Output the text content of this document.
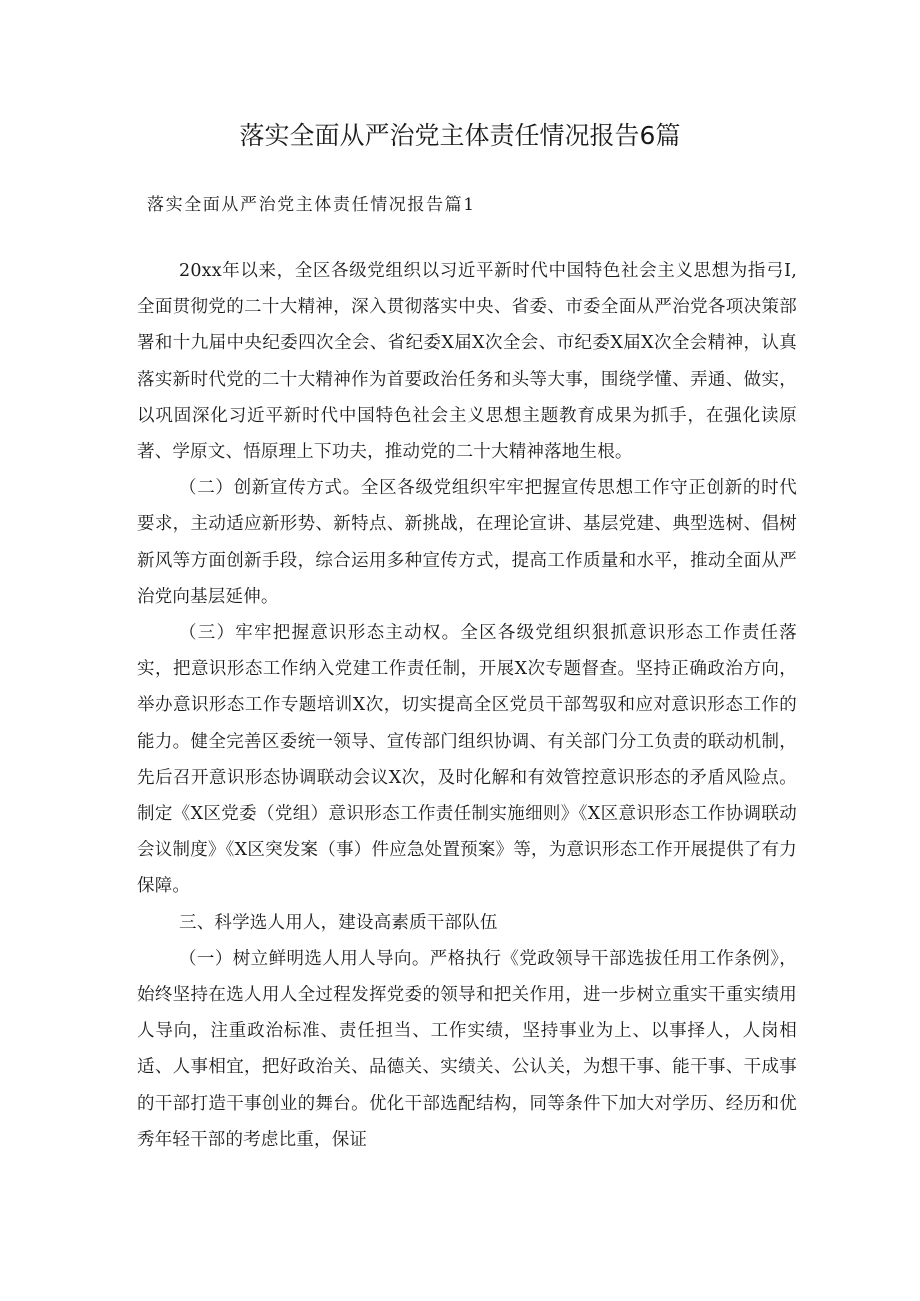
落实全面从严治党主体责任情况报告6篇
落实全面从严治党主体责任情况报告篇1

20xx年以来，全区各级党组织以习近平新时代中国特色社会主义思想为指弓I,全面贯彻党的二十大精神，深入贯彻落实中央、省委、市委全面从严治党各项决策部署和十九届中央纪委四次全会、省纪委X届X次全会、市纪委X届X次全会精神，认真落实新时代党的二十大精神作为首要政治任务和头等大事，围绕学懂、弄通、做实，以巩固深化习近平新时代中国特色社会主义思想主题教育成果为抓手，在强化读原著、学原文、悟原理上下功夫，推动党的二十大精神落地生根。

（二）创新宣传方式。全区各级党组织牢牢把握宣传思想工作守正创新的时代要求，主动适应新形势、新特点、新挑战，在理论宣讲、基层党建、典型选树、倡树新风等方面创新手段，综合运用多种宣传方式，提高工作质量和水平，推动全面从严治党向基层延伸。

（三）牢牢把握意识形态主动权。全区各级党组织狠抓意识形态工作责任落实，把意识形态工作纳入党建工作责任制，开展X次专题督查。坚持正确政治方向，举办意识形态工作专题培训X次，切实提高全区党员干部驾驭和应对意识形态工作的能力。健全完善区委统一领导、宣传部门组织协调、有关部门分工负责的联动机制，先后召开意识形态协调联动会议X次，及时化解和有效管控意识形态的矛盾风险点。制定《X区党委（党组）意识形态工作责任制实施细则》《X区意识形态工作协调联动会议制度》《X区突发案（事）件应急处置预案》等，为意识形态工作开展提供了有力保障。

三、科学选人用人，建设高素质干部队伍

（一）树立鲜明选人用人导向。严格执行《党政领导干部选拔任用工作条例》，始终坚持在选人用人全过程发挥党委的领导和把关作用，进一步树立重实干重实绩用人导向，注重政治标准、责任担当、工作实绩，坚持事业为上、以事择人，人岗相适、人事相宜，把好政治关、品德关、实绩关、公认关，为想干事、能干事、干成事的干部打造干事创业的舞台。优化干部选配结构，同等条件下加大对学历、经历和优秀年轻干部的考虑比重，保证
